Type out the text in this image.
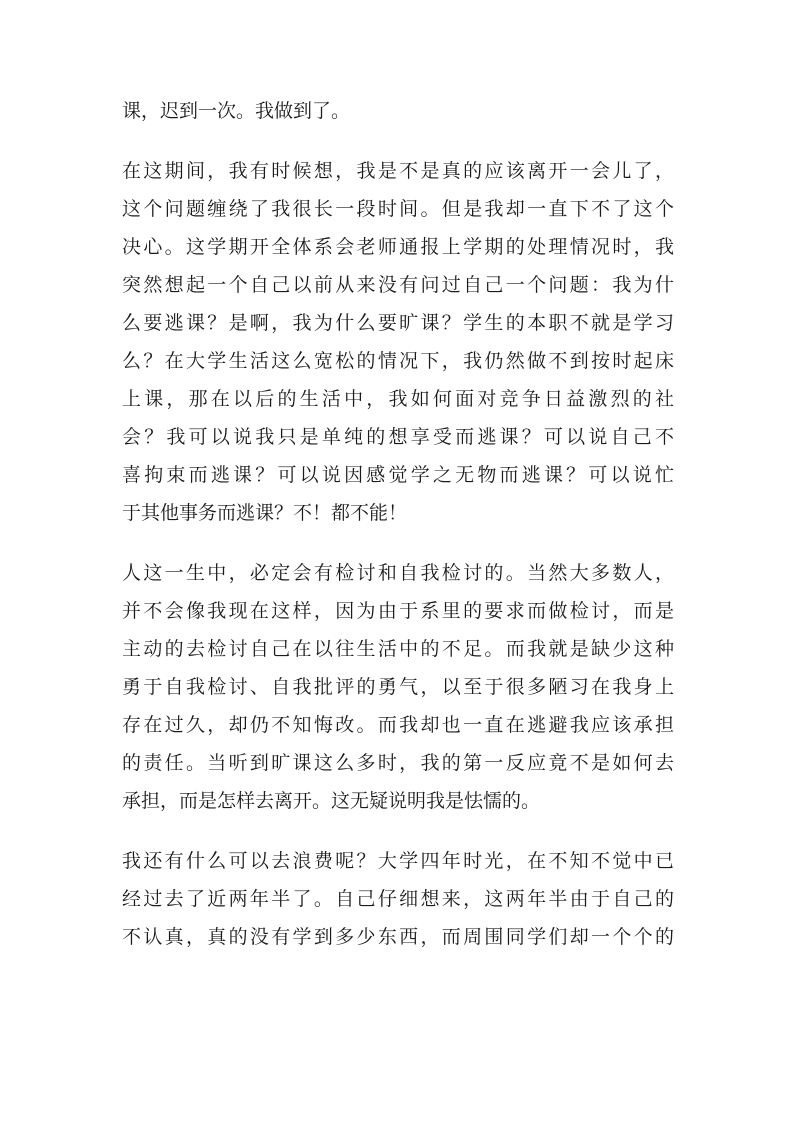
课，迟到一次。我做到了。

在这期间，我有时候想，我是不是真的应该离开一会儿了，
这个问题缠绕了我很长一段时间。但是我却一直下不了这个
决心。这学期开全体系会老师通报上学期的处理情况时，我
突然想起一个自己以前从来没有问过自己一个问题：我为什
么要逃课？是啊，我为什么要旷课？学生的本职不就是学习
么？在大学生活这么宽松的情况下，我仍然做不到按时起床
上课，那在以后的生活中，我如何面对竞争日益激烈的社
会？我可以说我只是单纯的想享受而逃课？可以说自己不
喜拘束而逃课？可以说因感觉学之无物而逃课？可以说忙
于其他事务而逃课？不！都不能！

人这一生中，必定会有检讨和自我检讨的。当然大多数人，
并不会像我现在这样，因为由于系里的要求而做检讨，而是
主动的去检讨自己在以往生活中的不足。而我就是缺少这种
勇于自我检讨、自我批评的勇气，以至于很多陋习在我身上
存在过久，却仍不知悔改。而我却也一直在逃避我应该承担
的责任。当听到旷课这么多时，我的第一反应竟不是如何去
承担，而是怎样去离开。这无疑说明我是怯懦的。

我还有什么可以去浪费呢？大学四年时光，在不知不觉中已
经过去了近两年半了。自己仔细想来，这两年半由于自己的
不认真，真的没有学到多少东西，而周围同学们却一个个的
